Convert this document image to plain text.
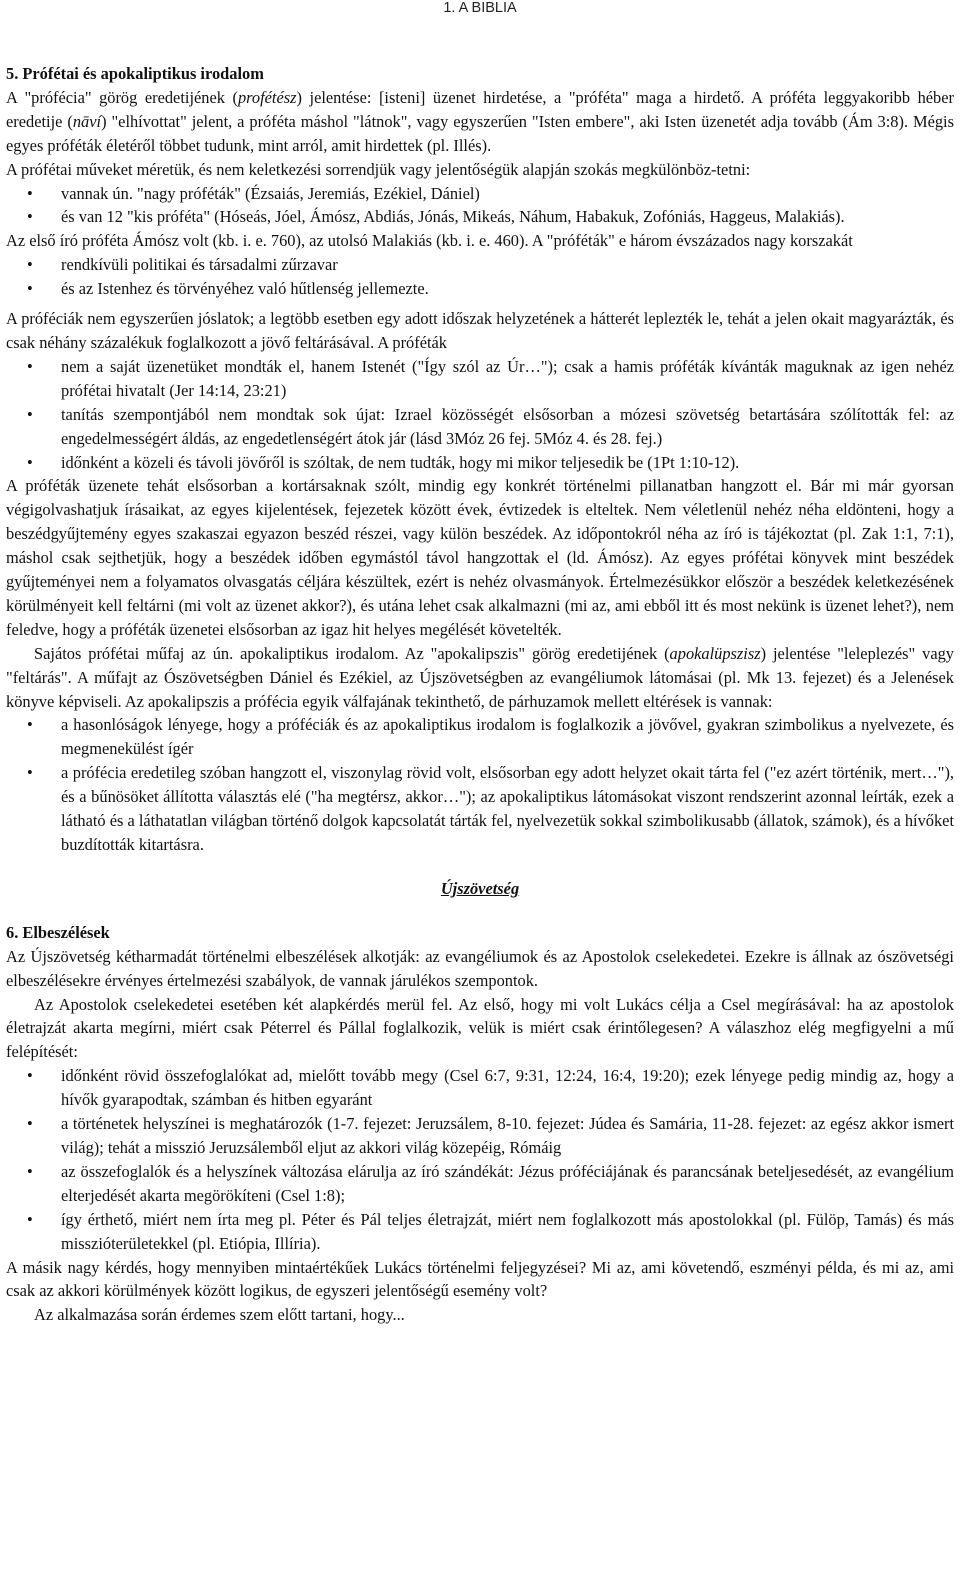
1. A BIBLIA

5. Prófétai és apokaliptikus irodalom

A "prófécia" görög eredetijének (profétész) jelentése: [isteni] üzenet hirdetése, a "próféta" maga a hirdető. A próféta leggyakoribb héber eredetije (nāví) "elhívottat" jelent, a próféta máshol "látnok", vagy egyszerűen "Isten embere", aki Isten üzenetét adja tovább (Ám 3:8). Mégis egyes próféták életéről többet tudunk, mint arról, amit hirdettek (pl. Illés).

A prófétai műveket méretük, és nem keletkezési sorrendjük vagy jelentőségük alapján szokás megkülönböz-tetni:

• vannak ún. "nagy próféták" (Ézsaiás, Jeremiás, Ezékiel, Dániel)
• és van 12 "kis próféta" (Hóseás, Jóel, Ámósz, Abdiás, Jónás, Mikeás, Náhum, Habakuk, Zofóniás, Haggeus, Malakiás).

Az első író próféta Ámósz volt (kb. i. e. 760), az utolsó Malakiás (kb. i. e. 460). A "próféták" e három évszázados nagy korszakát

• rendkívüli politikai és társadalmi zűrzavar
• és az Istenhez és törvényéhez való hűtlenség jellemezte.

A próféciák nem egyszerűen jóslatok; a legtöbb esetben egy adott időszak helyzetének a hátterét leplezték le, tehát a jelen okait magyarázták, és csak néhány százalékuk foglalkozott a jövő feltárásával. A próféták

• nem a saját üzenetüket mondták el, hanem Istenét ("Így szól az Úr…"); csak a hamis próféták kívánták maguknak az igen nehéz prófétai hivatalt (Jer 14:14, 23:21)
• tanítás szempontjából nem mondtak sok újat: Izrael közösségét elsősorban a mózesi szövetség betartására szólították fel: az engedelmességért áldás, az engedetlenségért átok jár (lásd 3Móz 26 fej. 5Móz 4. és 28. fej.)
• időnként a közeli és távoli jövőről is szóltak, de nem tudták, hogy mi mikor teljesedik be (1Pt 1:10-12).

A próféták üzenete tehát elsősorban a kortársaknak szólt, mindig egy konkrét történelmi pillanatban hangzott el. Bár mi már gyorsan végigolvashatjuk írásaikat, az egyes kijelentések, fejezetek között évek, évtizedek is elteltek. Nem véletlenül nehéz néha eldönteni, hogy a beszédgyűjtemény egyes szakaszai egyazon beszéd részei, vagy külön beszédek. Az időpontokról néha az író is tájékoztat (pl. Zak 1:1, 7:1), máshol csak sejthetjük, hogy a beszédek időben egymástól távol hangzottak el (ld. Ámósz). Az egyes prófétai könyvek mint beszédek gyűjteményei nem a folyamatos olvasgatás céljára készültek, ezért is nehéz olvasmányok. Értelmezésükkor először a beszédek keletkezésének körülményeit kell feltárni (mi volt az üzenet akkor?), és utána lehet csak alkalmazni (mi az, ami ebből itt és most nekünk is üzenet lehet?), nem feledve, hogy a próféták üzenetei elsősorban az igaz hit helyes megélését követelték.

Sajátos prófétai műfaj az ún. apokaliptikus irodalom. Az "apokalipszis" görög eredetijének (apokalüpszisz) jelentése "leleplezés" vagy "feltárás". A műfajt az Ószövetségben Dániel és Ezékiel, az Újszövetségben az evangéliumok látomásai (pl. Mk 13. fejezet) és a Jelenések könyve képviseli. Az apokalipszis a prófécia egyik válfajának tekinthető, de párhuzamok mellett eltérések is vannak:

• a hasonlóságok lényege, hogy a próféciák és az apokaliptikus irodalom is foglalkozik a jövővel, gyakran szimbolikus a nyelvezete, és megmenekülést ígér
• a prófécia eredetileg szóban hangzott el, viszonylag rövid volt, elsősorban egy adott helyzet okait tárta fel ("ez azért történik, mert…"), és a bűnösöket állította választás elé ("ha megtérsz, akkor…"); az apokaliptikus látomásokat viszont rendszerint azonnal leírták, ezek a látható és a láthatatlan világban történő dolgok kapcsolatát tárták fel, nyelvezetük sokkal szimbolikusabb (állatok, számok), és a hívőket buzdították kitartásra.

Újszövetség

6. Elbeszélések

Az Újszövetség kétharmadát történelmi elbeszélések alkotják: az evangéliumok és az Apostolok cselekedetei. Ezekre is állnak az ószövetségi elbeszélésekre érvényes értelmezési szabályok, de vannak járulékos szempontok.

Az Apostolok cselekedetei esetében két alapkérdés merül fel. Az első, hogy mi volt Lukács célja a Csel megírásával: ha az apostolok életrajzát akarta megírni, miért csak Péterrel és Pállal foglalkozik, velük is miért csak érintőlegesen? A válaszhoz elég megfigyelni a mű felépítését:

• időnként rövid összefoglalókat ad, mielőtt tovább megy (Csel 6:7, 9:31, 12:24, 16:4, 19:20); ezek lényege pedig mindig az, hogy a hívők gyarapodtak, számban és hitben egyaránt
• a történetek helyszínei is meghatározók (1-7. fejezet: Jeruzsálem, 8-10. fejezet: Júdea és Samária, 11-28. fejezet: az egész akkor ismert világ); tehát a misszió Jeruzsálemből eljut az akkori világ közepéig, Rómáig
• az összefoglalók és a helyszínek változása elárulja az író szándékát: Jézus próféciájának és parancsának beteljesedését, az evangélium elterjedését akarta megörökíteni (Csel 1:8);
• így érthető, miért nem írta meg pl. Péter és Pál teljes életrajzát, miért nem foglalkozott más apostolokkal (pl. Fülöp, Tamás) és más misszióterületekkel (pl. Etiópia, Illíria).

A másik nagy kérdés, hogy mennyiben mintaértékűek Lukács történelmi feljegyzései? Mi az, ami követendő, eszményi példa, és mi az, ami csak az akkori körülmények között logikus, de egyszeri jelentőségű esemény volt?

Az alkalmazása során érdemes szem előtt tartani, hogy...
